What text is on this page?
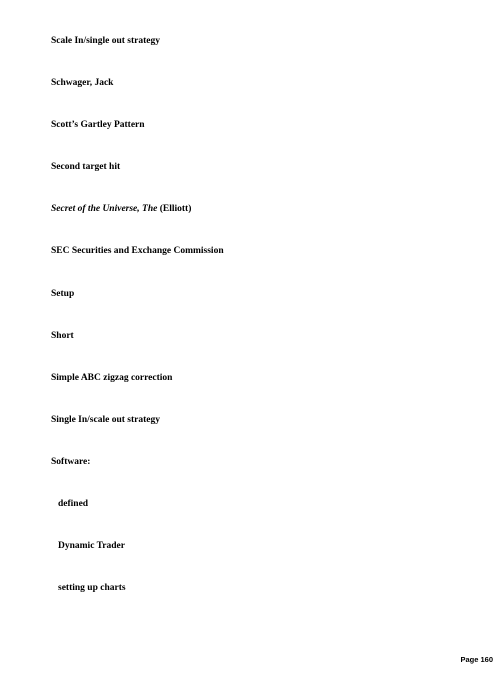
Scale In/single out strategy
Schwager, Jack
Scott’s Gartley Pattern
Second target hit
Secret of the Universe, The (Elliott)
SEC Securities and Exchange Commission
Setup
Short
Simple ABC zigzag correction
Single In/scale out strategy
Software:
defined
Dynamic Trader
setting up charts
Page 160
